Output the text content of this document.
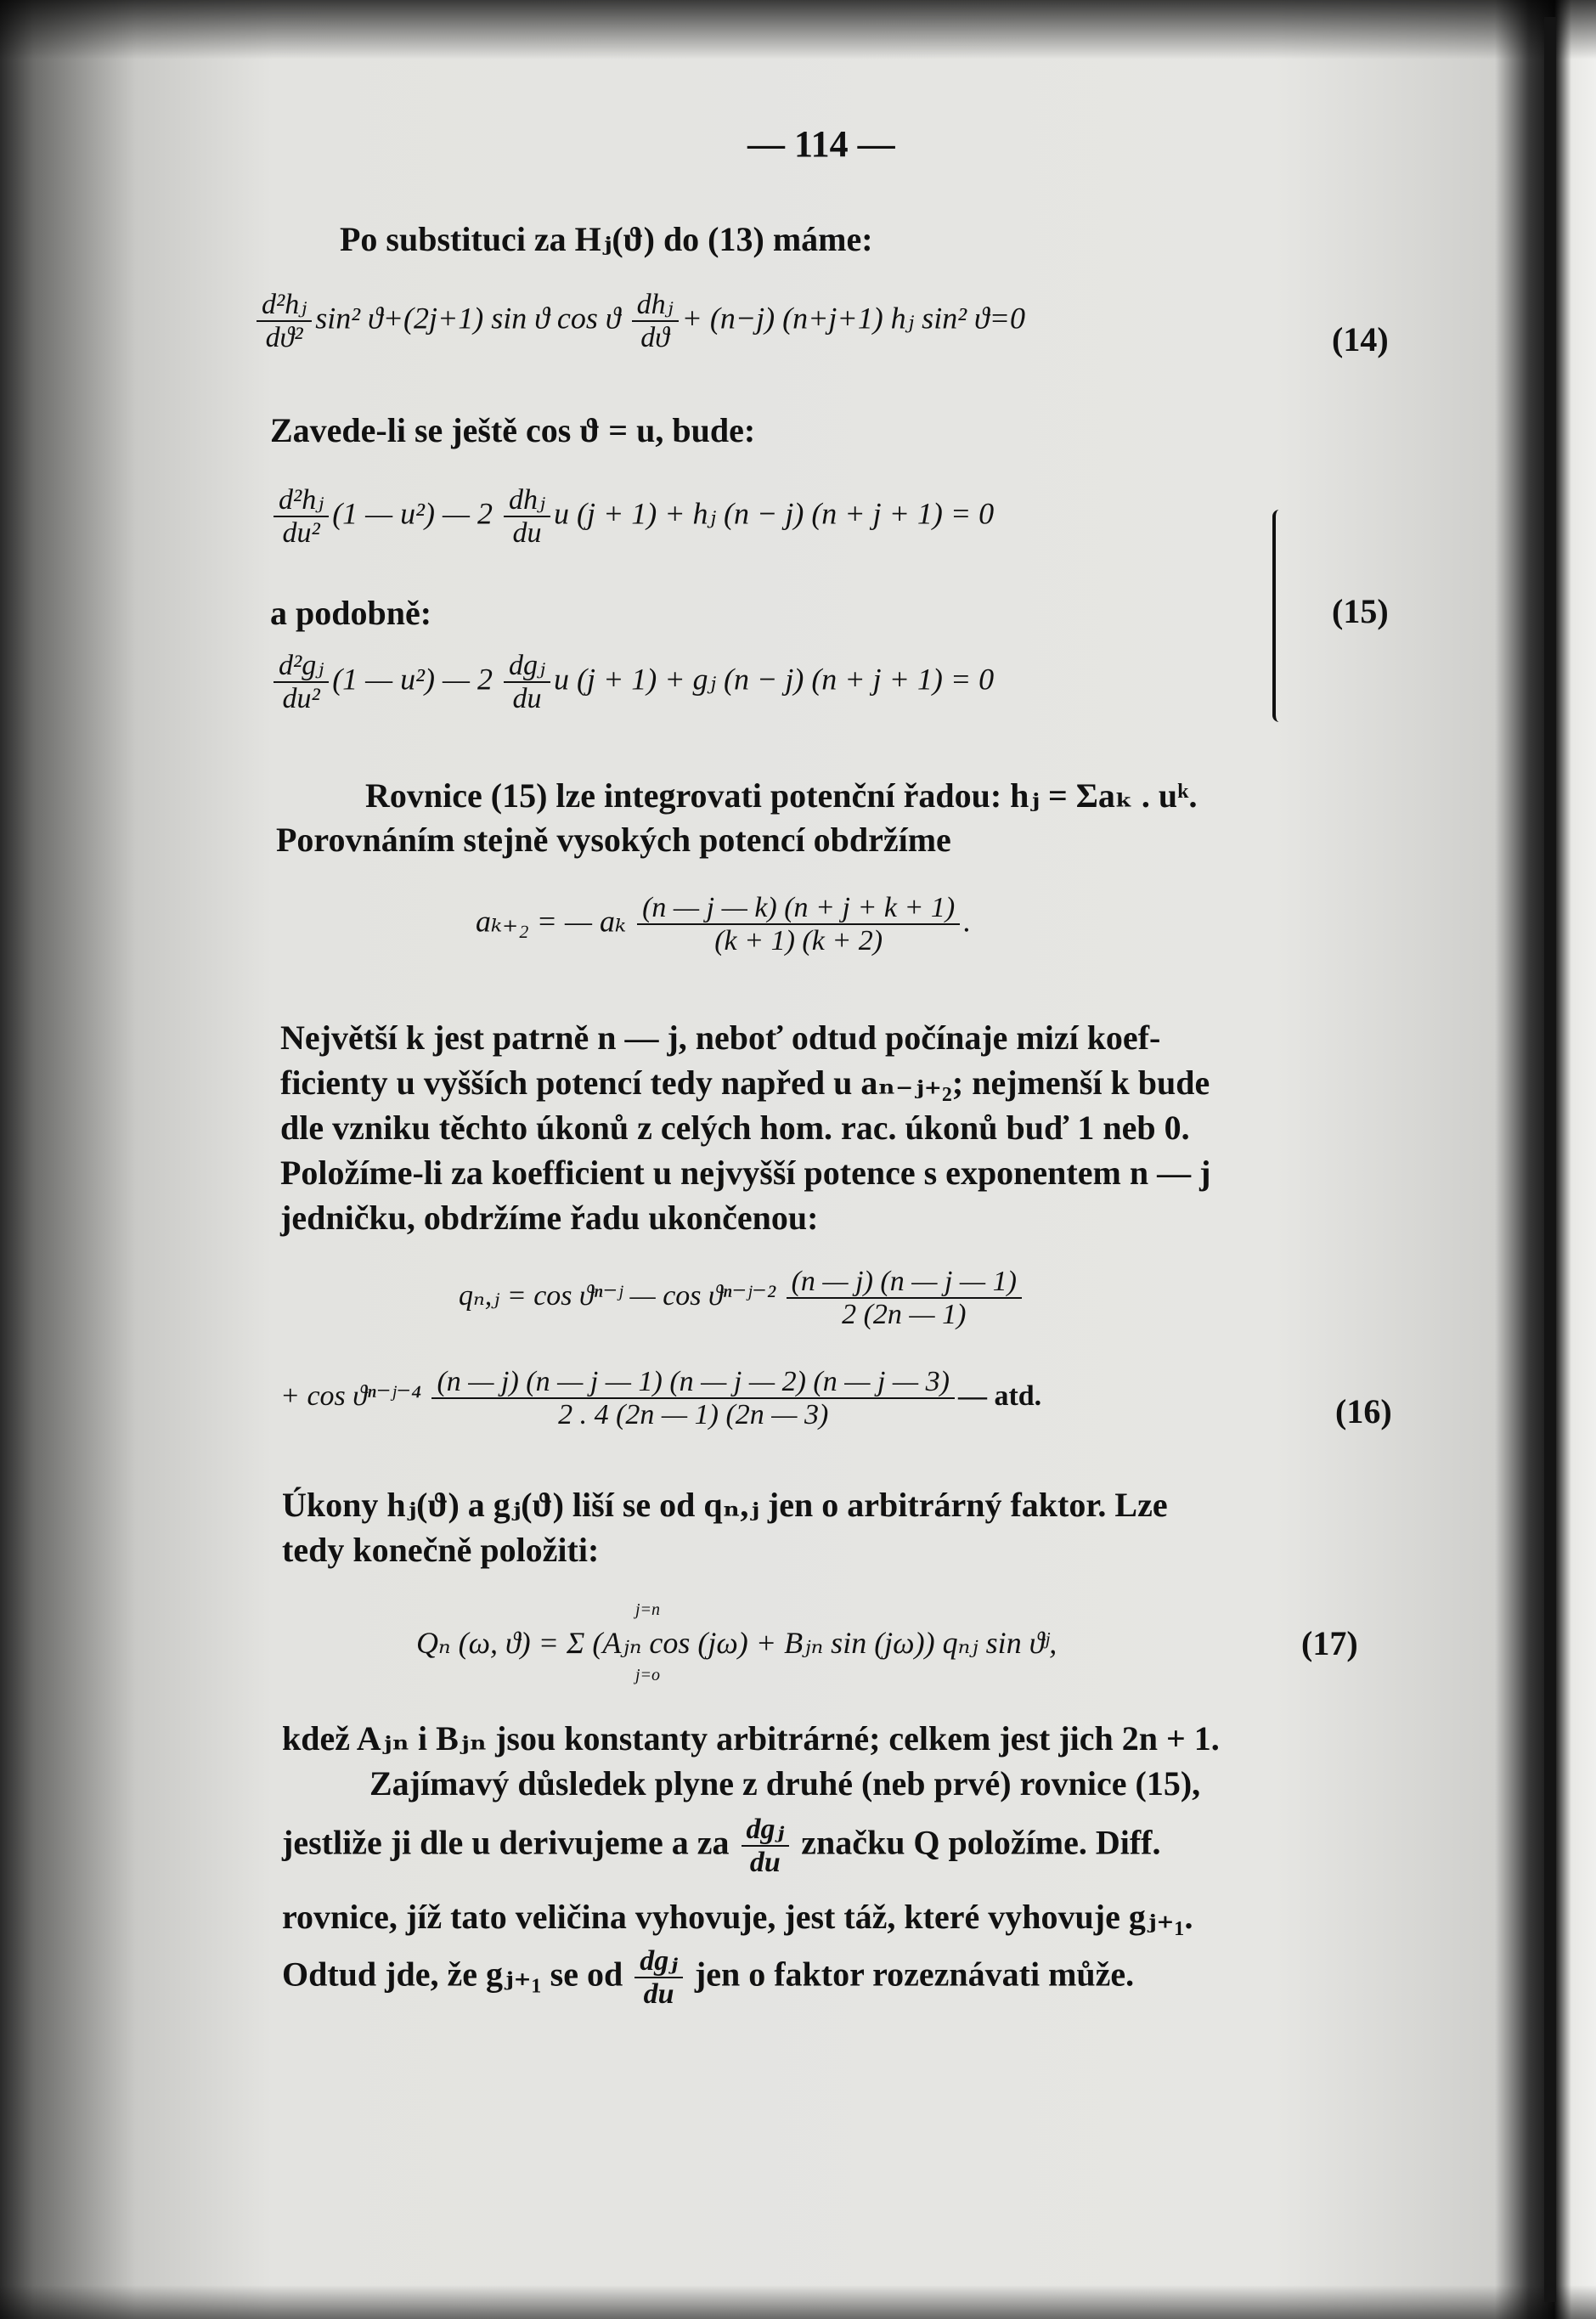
— 114 —
Po substituci za Hⱼ(ϑ) do (13) máme:
$\frac{\text{d²hⱼ}}{\text{dϑ²}} \sin^2$ ϑ+(2j+1) sin ϑ cos ϑ $\frac{\text{dhⱼ}}{dϑ} + (n-j)$ (n+j+1) hⱼ sin² ϑ=0
(14)
Zavede-li se ještě cos ϑ = u, bude:
$\frac{\text{d²hⱼ}}{\text{du²}} (1$ — u²) — $2 \frac{\text{dhⱼ}}{du}$ u (j + 1) + hⱼ (n − j) (n + j + 1) = 0
a podobně:
$\frac{\text{d²gⱼ}}{\text{du²}} (1$ — u²) — $2 \frac{\text{dgⱼ}}{du}$ u (j + 1) + gⱼ (n − j) (n + j + 1) = 0
(15)
Rovnice (15) lze integrovati potenční řadou: hⱼ = Σaₖ . uᵏ.
Porovnáním stejně vysokých potencí obdržíme
aₖ₊₂ = — aₖ $\frac{(n — j — k) (n + j + k + 1)}{(k + 1) (k + 2)}$ .
Největší k jest patrně n — j, neboť odtud počínaje mizí koef-
ficienty u vyšších potencí tedy napřed u aₙ₋ⱼ₊₂; nejmenší k bude
dle vzniku těchto úkonů z celých hom. rac. úkonů buď 1 neb 0.
Položíme-li za koefficient u nejvyšší potence s exponentem n — j
jedničku, obdržíme řadu ukončenou:
qₙ,ⱼ = cos ϑⁿ⁻ʲ — cos ϑⁿ⁻ʲ⁻² $\frac{(n — j) (n — j — 1)}{2 (2n — 1)}$
+ cos ϑⁿ⁻ʲ⁻⁴ $\frac{(n — j) (n — j — 1) (n — j — 2) (n — j — 3)}{2 . 4 (2n — 1) (2n — 3)}$ — atd.	(16)
Úkony hⱼ(ϑ) a gⱼ(ϑ) liší se od qₙ,ⱼ jen o arbitrárný faktor. Lze
tedy konečně položiti:
j=n
Qₙ (ω, ϑ) = Σ (Aⱼₙ cos (jω) + Bⱼₙ sin (jω)) qₙⱼ sin ϑʲ,
j=o
(17)
kdež Aⱼₙ i Bⱼₙ jsou konstanty arbitrárné; celkem jest jich 2n + 1.
Zajímavý důsledek plyne z druhé (neb prvé) rovnice (15),
jestliže ji dle u derivujeme a za $\frac{\text{dgⱼ}}{du}$ značku Q položíme. Diff.
rovnice, jíž tato veličina vyhovuje, jest táž, které vyhovuje gⱼ₊₁.
Odtud jde, že gⱼ₊₁ se od $\frac{\text{dgⱼ}}{du}$ jen o faktor rozeznávati může.
